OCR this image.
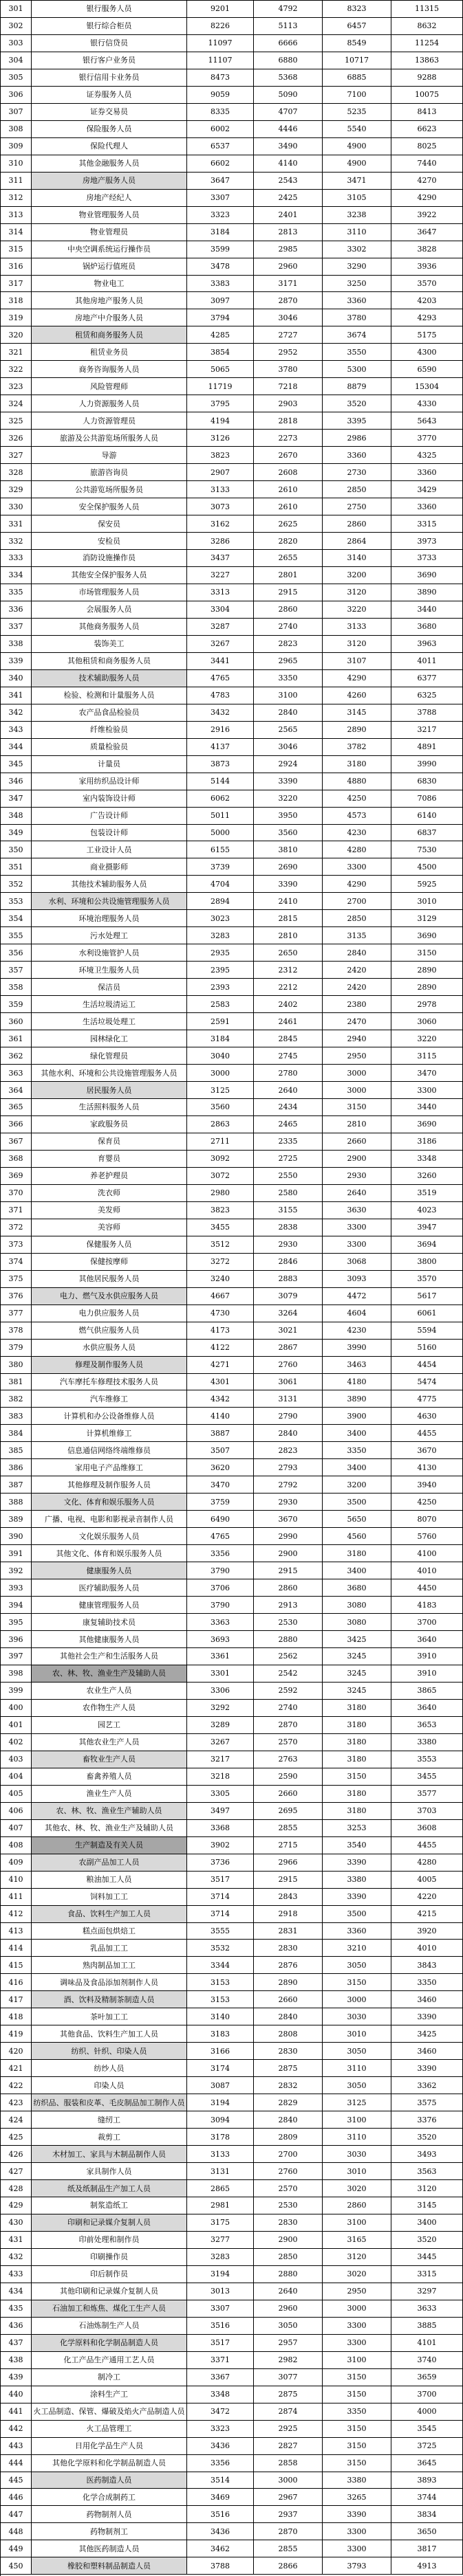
301	银行服务人员	9201	4792	8323	11315
302	银行综合柜员	8226	5113	6457	8632
303	银行信贷员	11097	6666	8549	11254
304	银行客户业务员	11107	6880	10717	13863
305	银行信用卡业务员	8473	5368	6885	9288
306	证券服务人员	9059	5090	7100	10075
307	证券交易员	8335	4707	5235	8413
308	保险服务人员	6002	4446	5540	6623
309	保险代理人	6537	3490	4900	8025
310	其他金融服务人员	6602	4140	4900	7440
311	房地产服务人员	3647	2543	3471	4270
312	房地产经纪人	3307	2425	3105	4290
313	物业管理服务人员	3323	2401	3238	3922
314	物业管理员	3184	2813	3110	3647
315	中央空调系统运行操作员	3599	2985	3302	3828
316	锅炉运行值班员	3478	2960	3290	3936
317	物业电工	3383	3171	3250	3570
318	其他房地产服务人员	3097	2870	3360	4203
319	房地产中介服务人员	3794	3046	3780	4293
320	租赁和商务服务人员	4285	2727	3674	5175
321	租赁业务员	3854	2952	3550	4300
322	商务咨询服务人员	5065	3780	5300	6590
323	风险管理师	11719	7218	8879	15304
324	人力资源服务人员	3795	2903	3520	4330
325	人力资源管理员	4194	2818	3395	5643
326	旅游及公共游览场所服务人员	3126	2273	2986	3770
327	导游	3823	2670	3360	4325
328	旅游咨询员	2907	2608	2730	3360
329	公共游览场所服务员	3133	2610	2850	3429
330	安全保护服务人员	3073	2610	2750	3360
331	保安员	3162	2625	2860	3315
332	安检员	3286	2820	2864	3973
333	消防设施操作员	3437	2655	3140	3733
334	其他安全保护服务人员	3227	2801	3200	3690
335	市场管理服务人员	3313	2915	3120	3890
336	会展服务人员	3304	2860	3220	3440
337	其他商务服务人员	3287	2740	3133	3680
338	装饰美工	3267	2823	3120	3963
339	其他租赁和商务服务人员	3441	2965	3107	4011
340	技术辅助服务人员	4765	3350	4290	6377
341	检验、检测和计量服务人员	4783	3100	4260	6325
342	农产品食品检验员	3432	2840	3145	3788
343	纤维检验员	2916	2565	2890	3217
344	质量检验员	4137	3046	3782	4891
345	计量员	3873	2924	3180	3990
346	家用纺织品设计师	5144	3390	4880	6830
347	室内装饰设计师	6062	3220	4250	7086
348	广告设计师	5011	3950	4573	6140
349	包装设计师	5000	3560	4230	6837
350	工业设计人员	6155	3810	4280	7530
351	商业摄影师	3739	2690	3300	4500
352	其他技术辅助服务人员	4704	3390	4290	5925
353	水利、环境和公共设施管理服务人员	2894	2410	2700	3010
354	环境治理服务人员	3023	2815	2850	3129
355	污水处理工	3283	2810	3135	3690
356	水利设施管护人员	2935	2650	2840	3150
357	环境卫生服务人员	2395	2312	2420	2890
358	保洁员	2393	2212	2420	2890
359	生活垃圾清运工	2583	2402	2380	2978
360	生活垃圾处理工	2591	2461	2470	3060
361	园林绿化工	3184	2845	2940	3220
362	绿化管理员	3040	2745	2950	3115
363	其他水利、环境和公共设施管理服务人员	3000	2780	3000	3470
364	居民服务人员	3125	2640	3000	3300
365	生活照料服务人员	3560	2434	3150	3440
366	家政服务员	2863	2465	2810	3690
367	保育员	2711	2335	2660	3186
368	育婴员	3092	2725	2900	3348
369	养老护理员	3072	2550	2930	3260
370	洗衣师	2980	2580	2640	3519
371	美发师	3823	3155	3630	4023
372	美容师	3455	2838	3300	3947
373	保健服务人员	3512	2930	3300	3694
374	保健按摩师	3272	2846	3068	3800
375	其他居民服务人员	3240	2883	3093	3570
376	电力、燃气及水供应服务人员	4667	3079	4472	5617
377	电力供应服务人员	4730	3264	4604	6061
378	燃气供应服务人员	4173	3021	4230	5594
379	水供应服务人员	4122	2867	3990	5160
380	修理及制作服务人员	4271	2760	3463	4454
381	汽车摩托车修理技术服务人员	4301	3061	4180	5474
382	汽车维修工	4342	3131	3890	4775
383	计算机和办公设备维修人员	4140	2790	3900	4630
384	计算机维修工	3887	2840	3400	4455
385	信息通信网络终端维修员	3507	2823	3350	3670
386	家用电子产品维修工	3620	2793	3400	4130
387	其他修理及制作服务人员	3470	2792	3200	3940
388	文化、体育和娱乐服务人员	3759	2930	3500	4250
389	广播、电视、电影和影视录音制作人员	6490	3670	5650	8070
390	文化娱乐服务人员	4765	2990	4560	5760
391	其他文化、体育和娱乐服务人员	3356	2900	3180	4100
392	健康服务人员	3790	2915	3400	4010
393	医疗辅助服务人员	3706	2860	3680	4450
394	健康管理服务人员	3790	2913	3080	4183
395	康复辅助技术员	3363	2530	3080	3700
396	其他健康服务人员	3693	2880	3425	3640
397	其他社会生产和生活服务人员	3361	2562	3245	3910
398	农、林、牧、渔业生产及辅助人员	3301	2542	3245	3910
399	农业生产人员	3306	2592	3245	3865
400	农作物生产人员	3292	2740	3180	3640
401	园艺工	3289	2870	3180	3653
402	其他农业生产人员	3267	2570	3180	3380
403	畜牧业生产人员	3217	2763	3180	3553
404	畜禽养殖人员	3218	2590	3150	3455
405	渔业生产人员	3305	2660	3180	3577
406	农、林、牧、渔业生产辅助人员	3497	2695	3180	3703
407	其他农、林、牧、渔业生产及辅助人员	3368	2855	3253	3608
408	生产制造及有关人员	3902	2715	3540	4455
409	农副产品加工人员	3736	2966	3390	4280
410	粮油加工人员	3517	2915	3380	4005
411	饲料加工工	3714	2843	3390	4220
412	食品、饮料生产加工人员	3714	2918	3500	4215
413	糕点面包烘焙工	3555	2831	3360	3920
414	乳品加工工	3532	2830	3210	4010
415	熟肉制品加工工	3344	2876	3050	3843
416	调味品及食品添加剂制作人员	3153	2890	3150	3350
417	酒、饮料及精制茶制造人员	3153	2660	3000	3460
418	茶叶加工工	3140	2840	3030	3390
419	其他食品、饮料生产加工人员	3183	2808	3010	3425
420	纺织、针织、印染人员	3166	2830	3050	3460
421	纺纱人员	3174	2875	3110	3390
422	印染人员	3087	2832	3050	3362
423	纺织品、服装和皮革、毛皮制品加工制作人员	3194	2829	3125	3575
424	缝纫工	3094	2840	3100	3376
425	裁剪工	3178	2809	3110	3520
426	木材加工、家具与木制品制作人员	3133	2700	3030	3493
427	家具制作人员	3131	2760	3010	3563
428	纸及纸制品生产加工人员	2865	2570	3020	3120
429	制浆造纸工	2981	2530	2860	3145
430	印刷和记录媒介复制人员	3175	2830	3100	3400
431	印前处理和制作员	3277	2900	3165	3520
432	印刷操作员	3283	2850	3120	3445
433	印后制作员	3194	2880	3020	3315
434	其他印刷和记录媒介复制人员	3013	2640	2950	3297
435	石油加工和炼焦、煤化工生产人员	3307	2960	3000	3633
436	石油炼制生产人员	3516	3050	3300	3885
437	化学原料和化学制品制造人员	3517	2957	3300	4101
438	化工产品生产通用工艺人员	3371	2982	3100	3740
439	制冷工	3367	3077	3150	3659
440	涂料生产工	3348	2875	3150	3700
441	火工品制造、保管、爆破及焰火产品制造人员	3472	2874	3350	4000
442	火工品管理工	3323	2925	3150	3545
443	日用化学品生产人员	3436	2827	3150	3725
444	其他化学原料和化学制品制造人员	3356	2858	3150	3645
445	医药制造人员	3514	3000	3380	3893
446	化学合成制药工	3469	2967	3265	3744
447	药物制剂人员	3516	2937	3390	3834
448	药物制剂工	3436	2870	3300	3650
449	其他医药制造人员	3462	2855	3300	3817
450	橡胶和塑料制品制造人员	3788	2866	3793	4913
